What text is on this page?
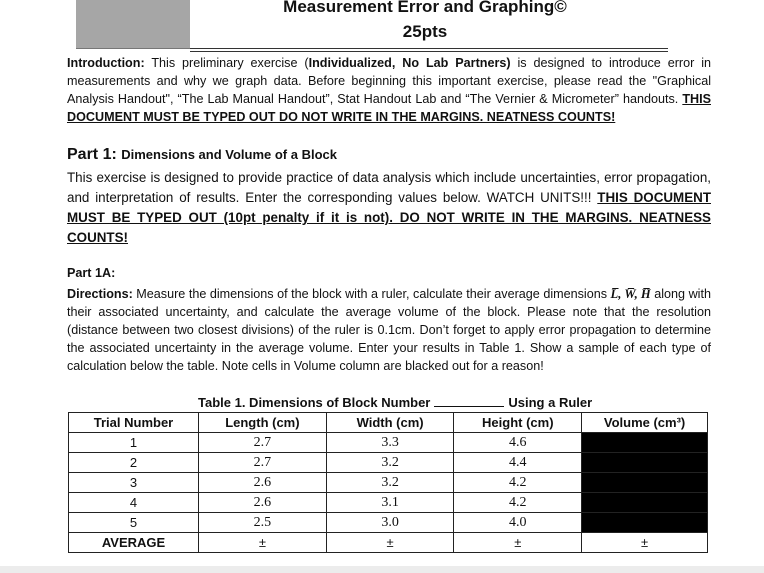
Measurement Error and Graphing©
25pts

Introduction: This preliminary exercise (Individualized, No Lab Partners) is designed to introduce error in measurements and why we graph data. Before beginning this important exercise, please read the "Graphical Analysis Handout", “The Lab Manual Handout”, Stat Handout Lab and “The Vernier & Micrometer” handouts. THIS DOCUMENT MUST BE TYPED OUT DO NOT WRITE IN THE MARGINS. NEATNESS COUNTS!

Part 1: Dimensions and Volume of a Block

This exercise is designed to provide practice of data analysis which include uncertainties, error propagation, and interpretation of results. Enter the corresponding values below. WATCH UNITS!!! THIS DOCUMENT MUST BE TYPED OUT (10pt penalty if it is not). DO NOT WRITE IN THE MARGINS. NEATNESS COUNTS!

Part 1A:

Directions: Measure the dimensions of the block with a ruler, calculate their average dimensions L̅, W̅, H̅ along with their associated uncertainty, and calculate the average volume of the block. Please note that the resolution (distance between two closest divisions) of the ruler is 0.1cm. Don’t forget to apply error propagation to determine the associated uncertainty in the average volume. Enter your results in Table 1. Show a sample of each type of calculation below the table. Note cells in Volume column are blacked out for a reason!

Table 1. Dimensions of Block Number	Using a Ruler
Trial Number	Length (cm)	Width (cm)	Height (cm)	Volume (cm³)
1	2.7	3.3	4.6	
2	2.7	3.2	4.4	
3	2.6	3.2	4.2	
4	2.6	3.1	4.2	
5	2.5	3.0	4.0	
AVERAGE	±	±	±	±
